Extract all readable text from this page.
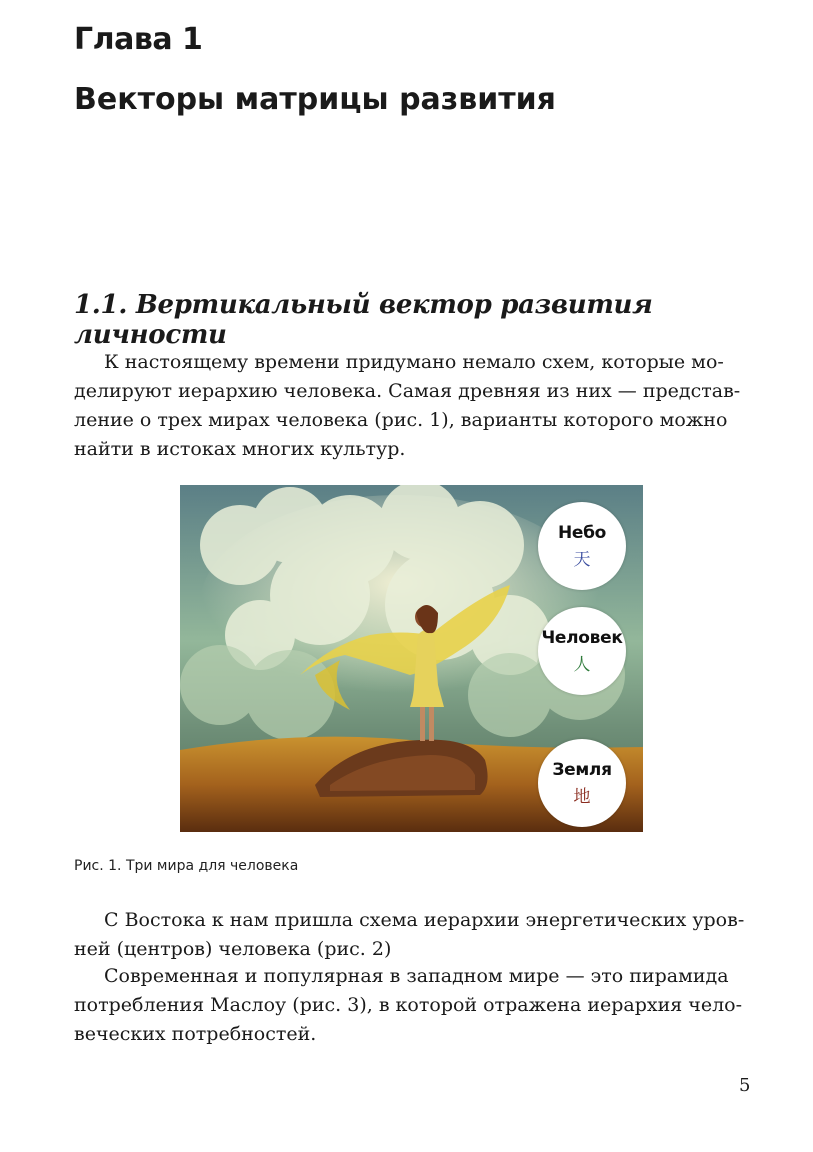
Глава 1
Векторы матрицы развития
1.1. Вертикальный вектор развития личности

К настоящему времени придумано немало схем, которые мо-
делируют иерархию человека. Самая древняя из них — представ-
ление о трех мирах человека (рис. 1), варианты которого можно
найти в истоках многих культур.

Небо
天
Человек
人
Земля
地

Рис. 1. Три мира для человека

С Востока к нам пришла схема иерархии энергетических уров-
ней (центров) человека (рис. 2)

Современная и популярная в западном мире — это пирамида
потребления Маслоу (рис. 3), в которой отражена иерархия чело-
веческих потребностей.

5
